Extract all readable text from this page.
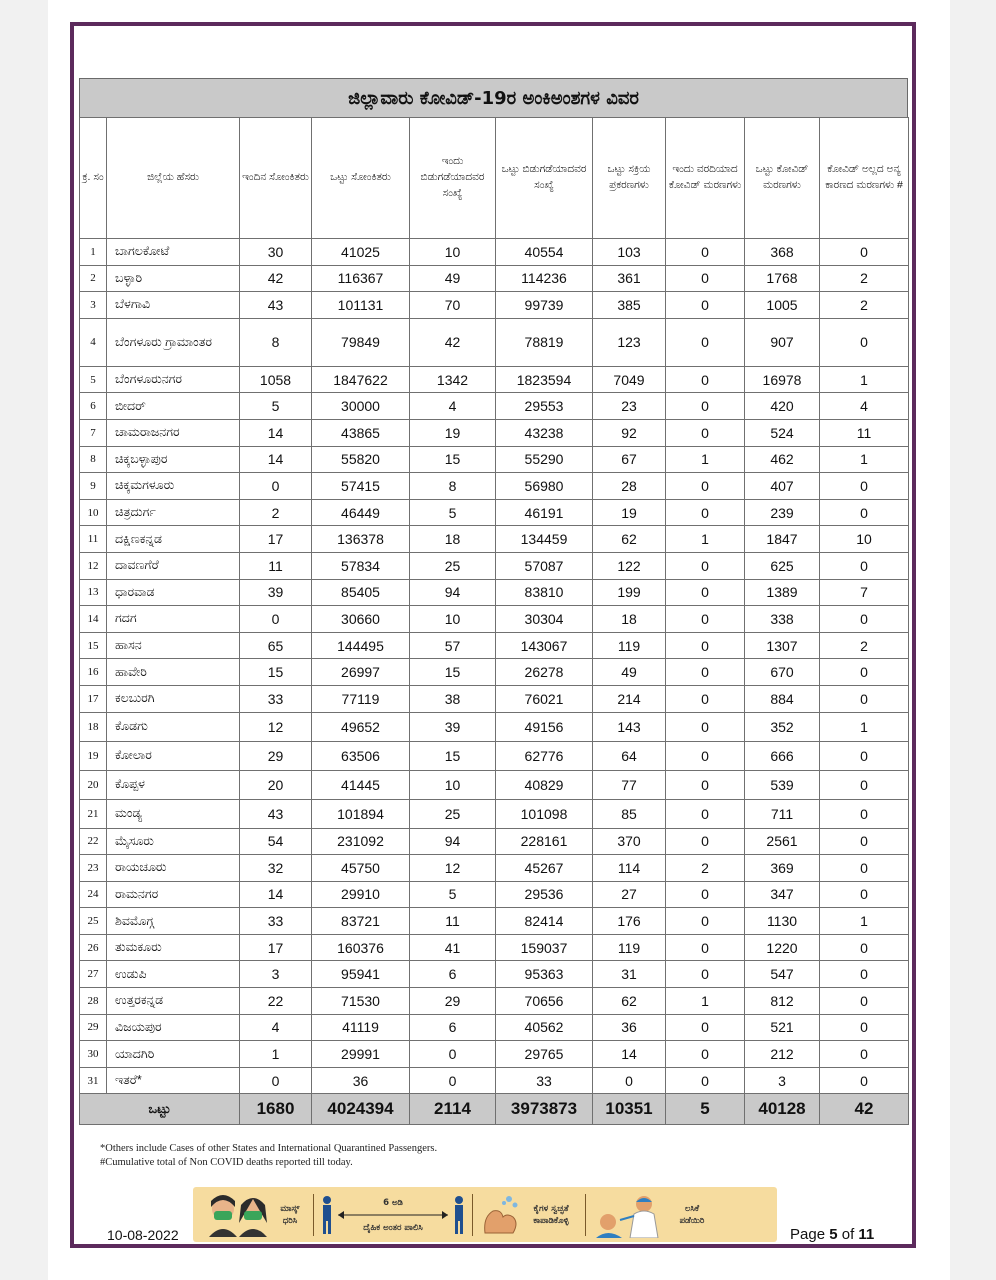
ಜಿಲ್ಲಾವಾರು ಕೋವಿಡ್-19ರ ಅಂಕಿಅಂಶಗಳ ವಿವರ
ಕ್ರ. ಸಂ	ಜಿಲ್ಲೆಯ ಹೆಸರು	ಇಂದಿನ ಸೋಂಕಿತರು	ಒಟ್ಟು ಸೋಂಕಿತರು	ಇಂದು ಬಿಡುಗಡೆಯಾದವರ ಸಂಖ್ಯೆ	ಒಟ್ಟು ಬಿಡುಗಡೆಯಾದವರ ಸಂಖ್ಯೆ	ಒಟ್ಟು ಸಕ್ರಿಯ ಪ್ರಕರಣಗಳು	ಇಂದು ವರದಿಯಾದ ಕೋವಿಡ್ ಮರಣಗಳು	ಒಟ್ಟು ಕೋವಿಡ್ ಮರಣಗಳು	ಕೋವಿಡ್ ಅಲ್ಲದ ಅನ್ಯ ಕಾರಣದ ಮರಣಗಳು #
1	ಬಾಗಲಕೋಟೆ	30	41025	10	40554	103	0	368	0
2	ಬಳ್ಳಾರಿ	42	116367	49	114236	361	0	1768	2
3	ಬೆಳಗಾವಿ	43	101131	70	99739	385	0	1005	2
4	ಬೆಂಗಳೂರು ಗ್ರಾಮಾಂತರ	8	79849	42	78819	123	0	907	0
5	ಬೆಂಗಳೂರುನಗರ	1058	1847622	1342	1823594	7049	0	16978	1
6	ಬೀದರ್	5	30000	4	29553	23	0	420	4
7	ಚಾಮರಾಜನಗರ	14	43865	19	43238	92	0	524	11
8	ಚಿಕ್ಕಬಳ್ಳಾಪುರ	14	55820	15	55290	67	1	462	1
9	ಚಿಕ್ಕಮಗಳೂರು	0	57415	8	56980	28	0	407	0
10	ಚಿತ್ರದುರ್ಗ	2	46449	5	46191	19	0	239	0
11	ದಕ್ಷಿಣಕನ್ನಡ	17	136378	18	134459	62	1	1847	10
12	ದಾವಣಗೆರೆ	11	57834	25	57087	122	0	625	0
13	ಧಾರವಾಡ	39	85405	94	83810	199	0	1389	7
14	ಗದಗ	0	30660	10	30304	18	0	338	0
15	ಹಾಸನ	65	144495	57	143067	119	0	1307	2
16	ಹಾವೇರಿ	15	26997	15	26278	49	0	670	0
17	ಕಲಬುರಗಿ	33	77119	38	76021	214	0	884	0
18	ಕೊಡಗು	12	49652	39	49156	143	0	352	1
19	ಕೋಲಾರ	29	63506	15	62776	64	0	666	0
20	ಕೊಪ್ಪಳ	20	41445	10	40829	77	0	539	0
21	ಮಂಡ್ಯ	43	101894	25	101098	85	0	711	0
22	ಮೈಸೂರು	54	231092	94	228161	370	0	2561	0
23	ರಾಯಚೂರು	32	45750	12	45267	114	2	369	0
24	ರಾಮನಗರ	14	29910	5	29536	27	0	347	0
25	ಶಿವಮೊಗ್ಗ	33	83721	11	82414	176	0	1130	1
26	ತುಮಕೂರು	17	160376	41	159037	119	0	1220	0
27	ಉಡುಪಿ	3	95941	6	95363	31	0	547	0
28	ಉತ್ತರಕನ್ನಡ	22	71530	29	70656	62	1	812	0
29	ವಿಜಯಪುರ	4	41119	6	40562	36	0	521	0
30	ಯಾದಗಿರಿ	1	29991	0	29765	14	0	212	0
31	ಇತರೆ*	0	36	0	33	0	0	3	0
ಒಟ್ಟು		1680	4024394	2114	3973873	10351	5	40128	42
*Others include Cases of other States and International Quarantined Passengers.
#Cumulative total of Non COVID deaths reported till today.
ಮಾಸ್ಕ್ ಧರಿಸಿ
6 ಅಡಿ
ದೈಹಿಕ ಅಂತರ ಪಾಲಿಸಿ
ಕೈಗಳ ಸ್ವಚ್ಛತೆ ಕಾಪಾಡಿಕೊಳ್ಳಿ
ಲಸಿಕೆ ಪಡೆಯಿರಿ
10-08-2022	Page 5 of 11
